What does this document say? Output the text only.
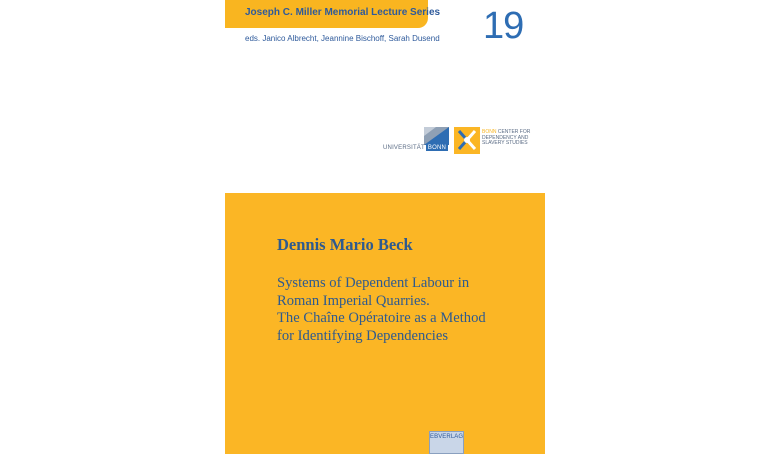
Joseph C. Miller Memorial Lecture Series 19
eds. Janico Albrecht, Jeannine Bischoff, Sarah Dusend
UNIVERSITÄT BONN
BONN CENTER FOR DEPENDENCY AND SLAVERY STUDIES
Dennis Mario Beck
Systems of Dependent Labour in
Roman Imperial Quarries.
The Chaîne Opératoire as a Method
for Identifying Dependencies
EBVERLAG
